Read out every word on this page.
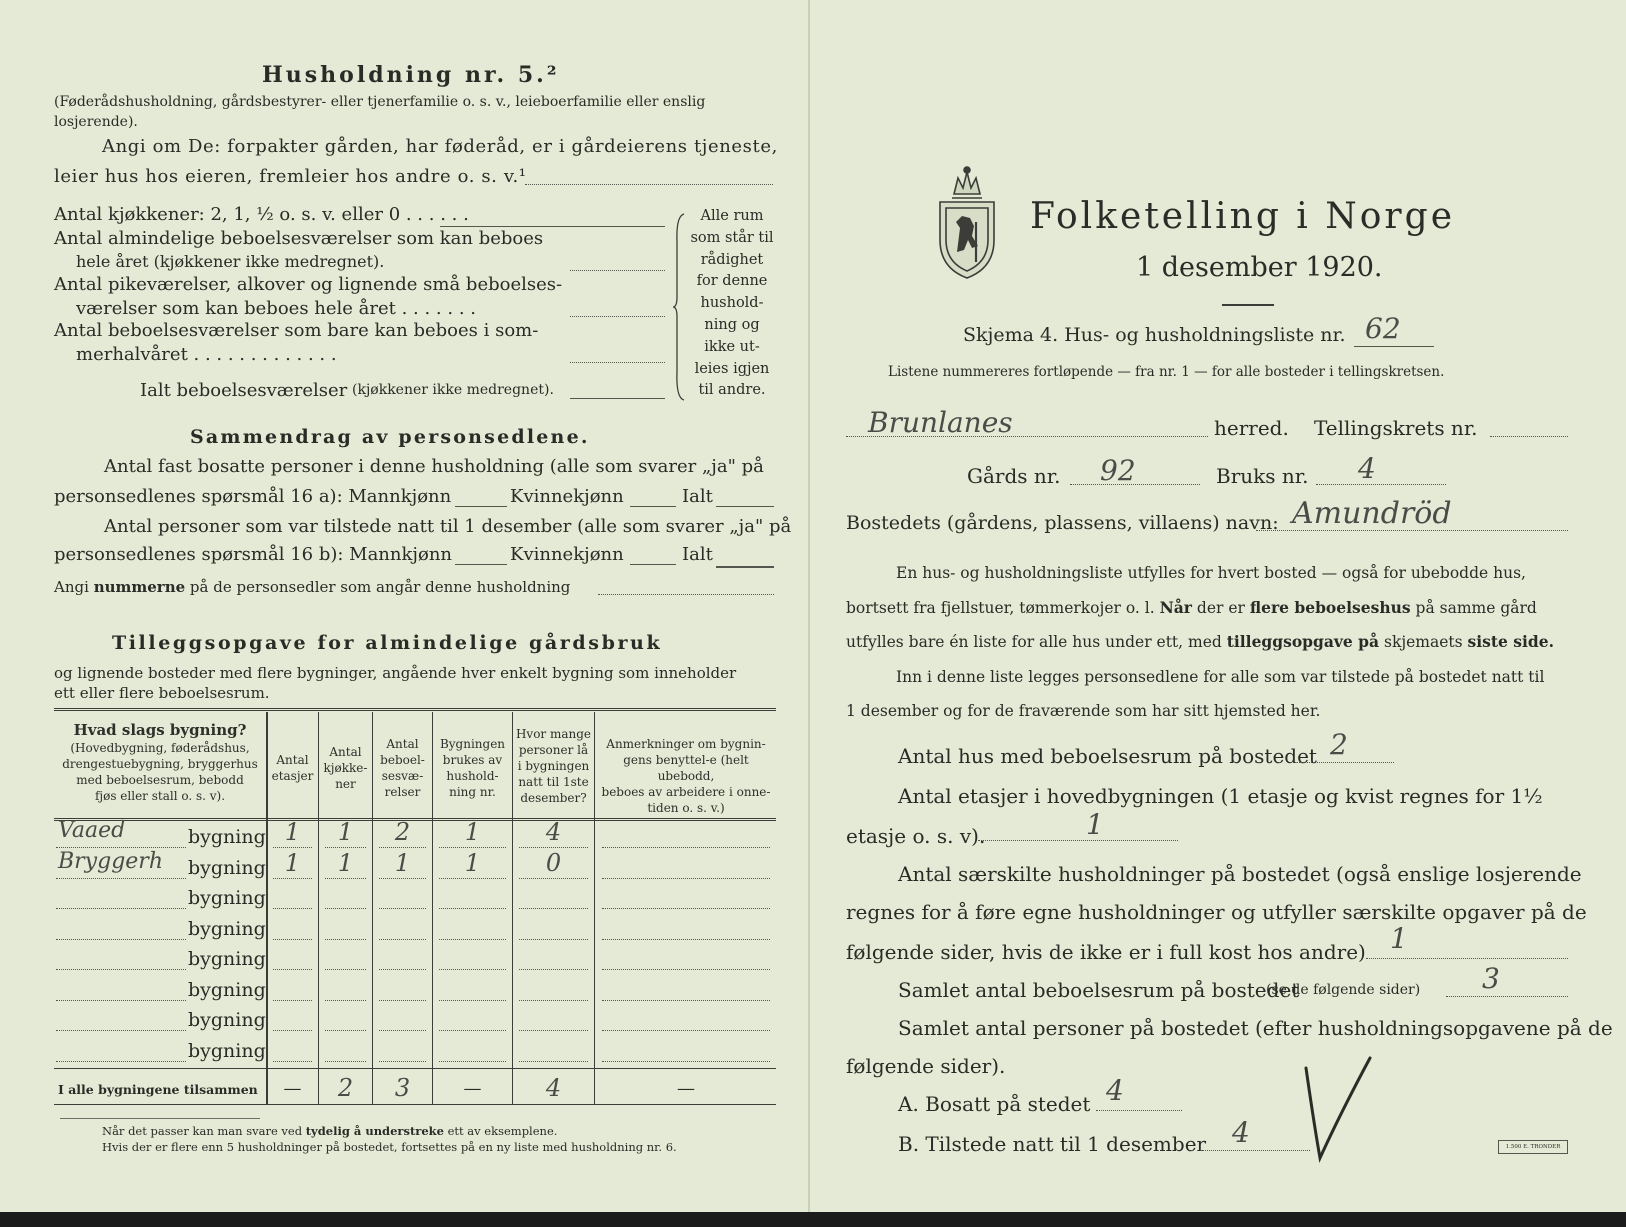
Husholdning nr. 5.²
(Føderådshusholdning, gårdsbestyrer- eller tjenerfamilie o. s. v., leieboerfamilie eller enslig losjerende).
Angi om De: forpakter gården, har føderåd, er i gårdeierens tjeneste,
leier hus hos eieren, fremleier hos andre o. s. v.¹
Antal kjøkkener: 2, 1, ½ o. s. v. eller 0 . . . . . .
Antal almindelige beboelsesværelser som kan beboes
hele året (kjøkkener ikke medregnet).
Antal pikeværelser, alkover og lignende små beboelses-
værelser som kan beboes hele året . . . . . . .
Antal beboelsesværelser som bare kan beboes i som-
merhalvåret . . . . . . . . . . . . .
Ialt beboelsesværelser (kjøkkener ikke medregnet).
Alle rum
som står til
rådighet
for denne
hushold-
ning og
ikke ut-
leies igjen
til andre.
Sammendrag av personsedlene.
Antal fast bosatte personer i denne husholdning (alle som svarer „ja" på
personsedlenes spørsmål 16 a): Mannkjønn	Kvinnekjønn	Ialt
Antal personer som var tilstede natt til 1 desember (alle som svarer „ja" på
personsedlenes spørsmål 16 b): Mannkjønn	Kvinnekjønn	Ialt
Angi nummerne på de personsedler som angår denne husholdning
Tilleggsopgave for almindelige gårdsbruk
og lignende bosteder med flere bygninger, angående hver enkelt bygning som inneholder
ett eller flere beboelsesrum.
Hvad slags bygning?
(Hovedbygning, føderådshus,
drengestuebygning, bryggerhus
med beboelsesrum, bebodd
fjøs eller stall o. s. v).
Antal
etasjer
Antal
kjøkke-
ner
Antal
beboel-
sesvæ-
relser
Bygningen
brukes av
hushold-
ning nr.
Hvor mange
personer lå
i bygningen
natt til 1ste
desember?
Anmerkninger om bygnin-
gens benyttel-e (helt ubebodd,
beboes av arbeidere i onne-
tiden o. s. v.)
Vaaed	bygning 1	1	2	1	4
Bryggerh bygning 1	1	1	1	0
bygning
bygning
bygning
bygning
bygning
bygning
I alle bygningene tilsammen	—	2	3	—	4	—
Når det passer kan man svare ved tydelig å understreke ett av eksemplene.
Hvis der er flere enn 5 husholdninger på bostedet, fortsettes på en ny liste med husholdning nr. 6.
Folketelling i Norge
1 desember 1920.
Skjema 4. Hus- og husholdningsliste nr. 62
Listene nummereres fortløpende — fra nr. 1 — for alle bosteder i tellingskretsen.
Brunlanes	herred. Tellingskrets nr.
Gårds nr. 92	Bruks nr. 4
Bostedets (gårdens, plassens, villaens) navn: Amundröd
En hus- og husholdningsliste utfylles for hvert bosted — også for ubebodde hus,
bortsett fra fjellstuer, tømmerkojer o. l. Når der er flere beboelseshus på samme gård
utfylles bare én liste for alle hus under ett, med tilleggsopgave på skjemaets siste side.
Inn i denne liste legges personsedlene for alle som var tilstede på bostedet natt til
1 desember og for de fraværende som har sitt hjemsted her.
Antal hus med beboelsesrum på bostedet 2
Antal etasjer i hovedbygningen (1 etasje og kvist regnes for 1½
etasje o. s. v).	1
Antal særskilte husholdninger på bostedet (også enslige losjerende
regnes for å føre egne husholdninger og utfyller særskilte opgaver på de
følgende sider, hvis de ikke er i full kost hos andre) 1
Samlet antal beboelsesrum på bostedet
(se de følgende sider) 3
Samlet antal personer på bostedet (efter husholdningsopgavene på de
følgende sider).
A. Bosatt på stedet 4
B. Tilstede natt til 1 desember 4	1.500 E. TRONDER
